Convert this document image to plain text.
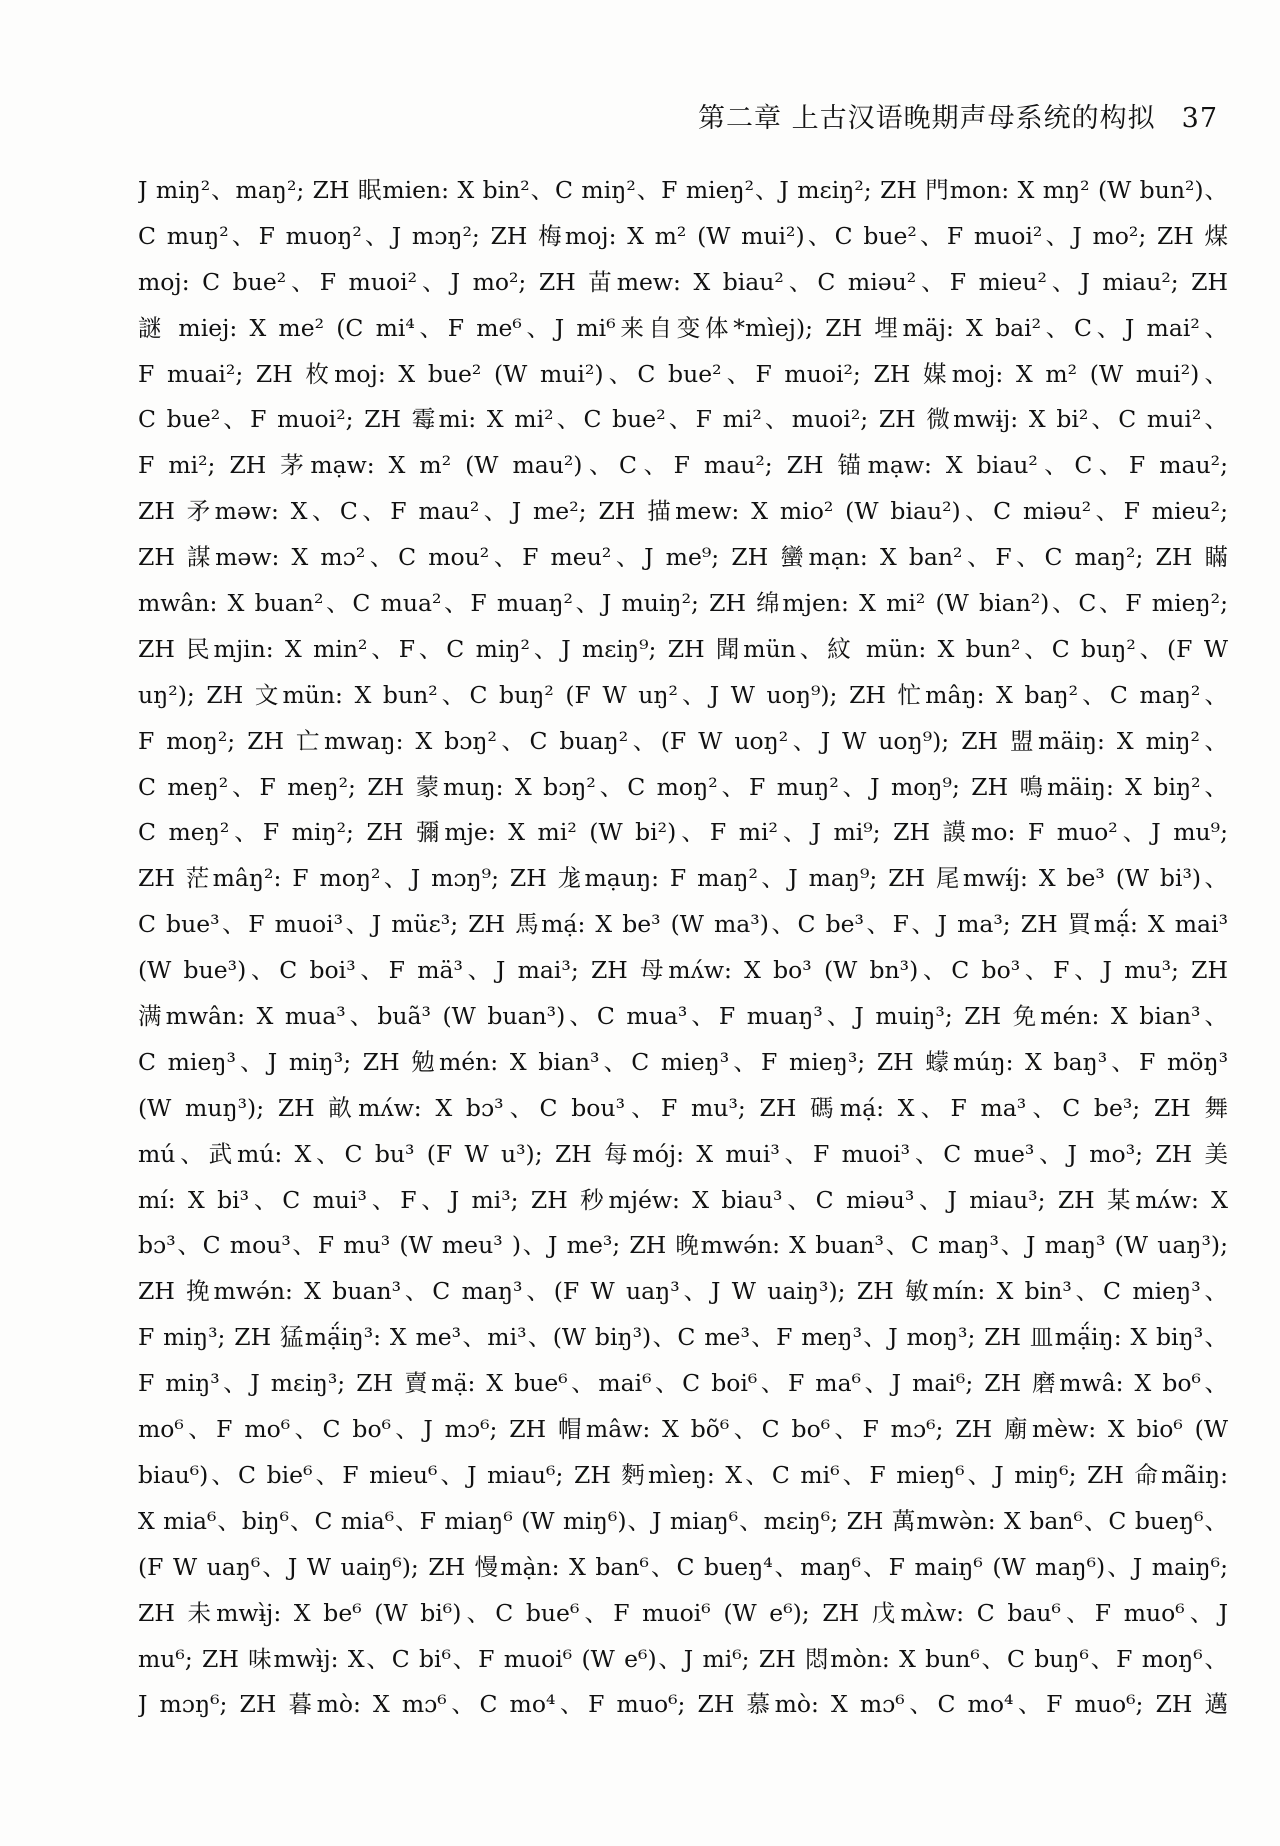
第二章 上古汉语晚期声母系统的构拟 37
J miŋ²、maŋ²; ZH 眠mien: X bin²、C miŋ²、F mieŋ²、J mɛiŋ²; ZH 門mon: X mŋ² (W bun²)、
C muŋ²、F muoŋ²、J mɔŋ²; ZH 梅moj: X m² (W mui²)、C bue²、F muoi²、J mo²; ZH 煤
moj: C bue²、F muoi²、J mo²; ZH 苗mew: X biau²、C miəu²、F mieu²、J miau²; ZH
謎 miej: X me² (C mi⁴、F me⁶、J mi⁶来自变体*mìej); ZH 埋mäj: X bai²、C、J mai²、
F muai²; ZH 枚moj: X bue² (W mui²)、C bue²、F muoi²; ZH 媒moj: X m² (W mui²)、
C bue²、F muoi²; ZH 霉mi: X mi²、C bue²、F mi²、muoi²; ZH 微mwɨj: X bi²、C mui²、
F mi²; ZH 茅mạw: X m² (W mau²)、C、F mau²; ZH 锚mạw: X biau²、C、F mau²;
ZH 矛məw: X、C、F mau²、J me²; ZH 描mew: X mio² (W biau²)、C miəu²、F mieu²;
ZH 謀məw: X mɔ²、C mou²、F meu²、J me⁹; ZH 蠻mạn: X ban²、F、C maŋ²; ZH 瞞
mwân: X buan²、C mua²、F muaŋ²、J muiŋ²; ZH 绵mjen: X mi² (W bian²)、C、F mieŋ²;
ZH 民mjin: X min²、F、C miŋ²、J mɛiŋ⁹; ZH 聞mün、紋 mün: X bun²、C buŋ²、(F W
uŋ²); ZH 文mün: X bun²、C buŋ² (F W uŋ²、J W uoŋ⁹); ZH 忙mâŋ: X baŋ²、C maŋ²、
F moŋ²; ZH 亡mwaŋ: X bɔŋ²、C buaŋ²、(F W uoŋ²、J W uoŋ⁹); ZH 盟mäiŋ: X miŋ²、
C meŋ²、F meŋ²; ZH 蒙muŋ: X bɔŋ²、C moŋ²、F muŋ²、J moŋ⁹; ZH 鳴mäiŋ: X biŋ²、
C meŋ²、F miŋ²; ZH 彌mje: X mi² (W bi²)、F mi²、J mi⁹; ZH 謨mo: F muo²、J mu⁹;
ZH 茫mâŋ²: F moŋ²、J mɔŋ⁹; ZH 尨mạuŋ: F maŋ²、J maŋ⁹; ZH 尾mwɨ́j: X be³ (W bi³)、
C bue³、F muoi³、J müɛ³; ZH 馬mạ́: X be³ (W ma³)、C be³、F、J ma³; ZH 買mạ̈́: X mai³
(W bue³)、C boi³、F mä³、J mai³; ZH 母mʌ́w: X bo³ (W bn³)、C bo³、F、J mu³; ZH
满mwân: X mua³、buã³ (W buan³)、C mua³、F muaŋ³、J muiŋ³; ZH 免mén: X bian³、
C mieŋ³、J miŋ³; ZH 勉mén: X bian³、C mieŋ³、F mieŋ³; ZH 蠓múŋ: X baŋ³、F möŋ³
(W muŋ³); ZH 畝mʌ́w: X bɔ³、C bou³、F mu³; ZH 碼mạ́: X、F ma³、C be³; ZH 舞
mú、武mú: X、C bu³ (F W u³); ZH 每mój: X mui³、F muoi³、C mue³、J mo³; ZH 美
mí: X bi³、C mui³、F、J mi³; ZH 秒mjéw: X biau³、C miəu³、J miau³; ZH 某mʌ́w: X
bɔ³、C mou³、F mu³ (W meu³ )、J me³; ZH 晚mwə́n: X buan³、C maŋ³、J maŋ³ (W uaŋ³);
ZH 挽mwə́n: X buan³、C maŋ³、(F W uaŋ³、J W uaiŋ³); ZH 敏mín: X bin³、C mieŋ³、
F miŋ³; ZH 猛mạ̈́iŋ³: X me³、mi³、(W biŋ³)、C me³、F meŋ³、J moŋ³; ZH 皿mạ̈́iŋ: X biŋ³、
F miŋ³、J mɛiŋ³; ZH 賣mạ̈: X bue⁶、mai⁶、C boi⁶、F ma⁶、J mai⁶; ZH 磨mwâ: X bo⁶、
mo⁶、F mo⁶、C bo⁶、J mɔ⁶; ZH 帽mâw: X bõ⁶、C bo⁶、F mɔ⁶; ZH 廟mèw: X bio⁶ (W
biau⁶)、C bie⁶、F mieu⁶、J miau⁶; ZH 麪mìeŋ: X、C mi⁶、F mieŋ⁶、J miŋ⁶; ZH 命mãiŋ:
X mia⁶、biŋ⁶、C mia⁶、F miaŋ⁶ (W miŋ⁶)、J miaŋ⁶、mɛiŋ⁶; ZH 萬mwə̀n: X ban⁶、C bueŋ⁶、
(F W uaŋ⁶、J W uaiŋ⁶); ZH 慢mạ̀n: X ban⁶、C bueŋ⁴、maŋ⁶、F maiŋ⁶ (W maŋ⁶)、J maiŋ⁶;
ZH 未mwɨ̀j: X be⁶ (W bi⁶)、C bue⁶、F muoi⁶ (W e⁶); ZH 戊mʌ̀w: C bau⁶、F muo⁶、J
mu⁶; ZH 味mwɨ̀j: X、C bi⁶、F muoi⁶ (W e⁶)、J mi⁶; ZH 悶mòn: X bun⁶、C buŋ⁶、F moŋ⁶、
J mɔŋ⁶; ZH 暮mò: X mɔ⁶、C mo⁴、F muo⁶; ZH 慕mò: X mɔ⁶、C mo⁴、F muo⁶; ZH 邁
